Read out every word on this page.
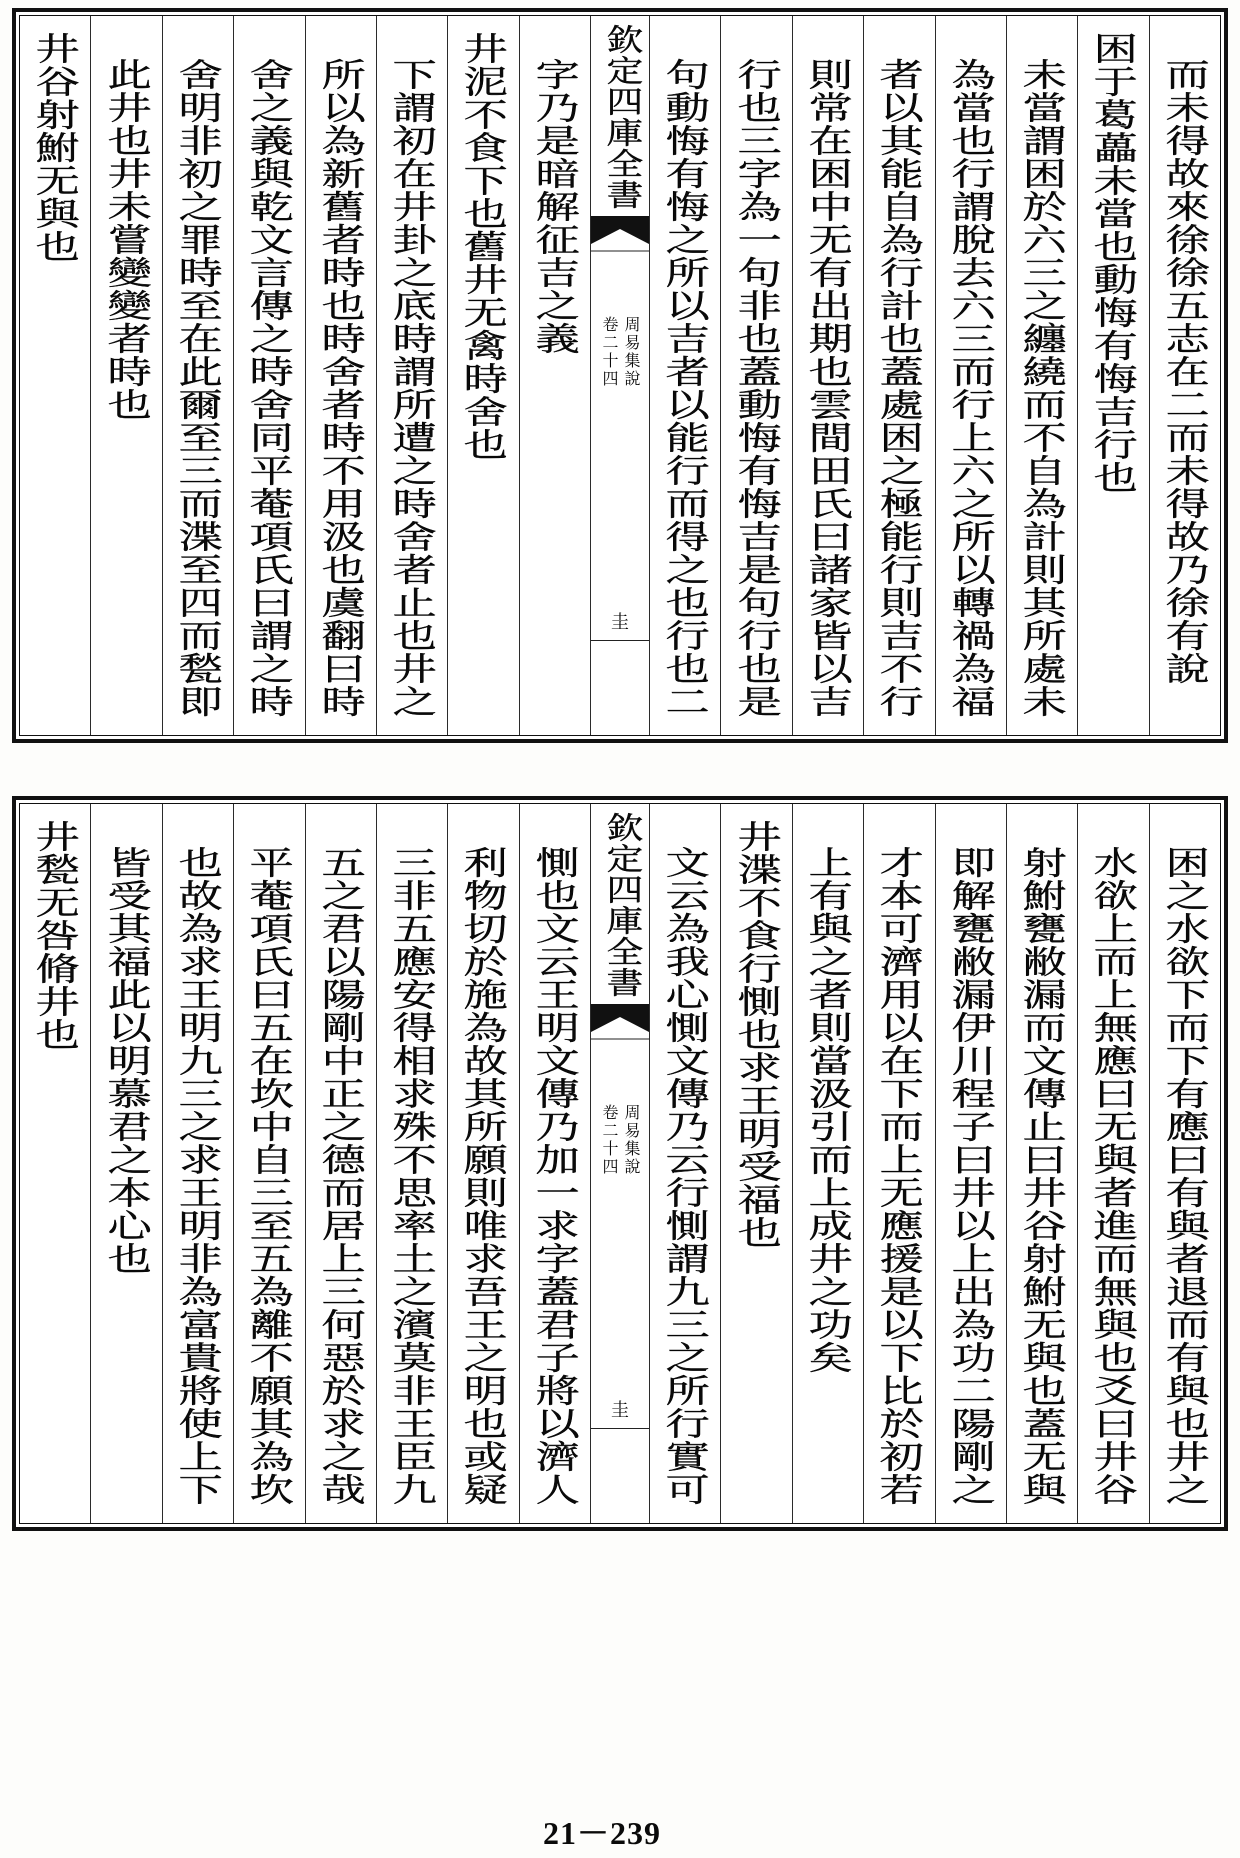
而未得故來徐徐五志在二而未得故乃徐有說
困于葛藟未當也動悔有悔吉行也
未當謂困於六三之纏繞而不自為計則其所處未
為當也行謂脫去六三而行上六之所以轉禍為福
者以其能自為行計也蓋處困之極能行則吉不行
則常在困中无有出期也雲間田氏曰諸家皆以吉
行也三字為一句非也蓋動悔有悔吉是句行也是
句動悔有悔之所以吉者以能行而得之也行也二
欽定四庫全書
周易集說
卷二十四
圭
字乃是暗解征吉之義
井泥不食下也舊井无禽時舍也
下謂初在井卦之底時謂所遭之時舍者止也井之
所以為新舊者時也時舍者時不用汲也虞翻曰時
舍之義與乾文言傳之時舍同平菴項氏曰謂之時
舍明非初之罪時至在此爾至三而渫至四而甃即
此井也井未嘗變變者時也
井谷射鮒无與也
困之水欲下而下有應曰有與者退而有與也井之
水欲上而上無應曰无與者進而無與也爻曰井谷
射鮒甕敝漏而文傳止曰井谷射鮒无與也蓋无與
即解甕敝漏伊川程子曰井以上出為功二陽剛之
才本可濟用以在下而上无應援是以下比於初若
上有與之者則當汲引而上成井之功矣
井渫不食行惻也求王明受福也
文云為我心惻文傳乃云行惻謂九三之所行實可
欽定四庫全書
周易集說
卷二十四
圭
惻也文云王明文傳乃加一求字蓋君子將以濟人
利物切於施為故其所願則唯求吾王之明也或疑
三非五應安得相求殊不思率土之濱莫非王臣九
五之君以陽剛中正之德而居上三何惡於求之哉
平菴項氏曰五在坎中自三至五為離不願其為坎
也故為求王明九三之求王明非為富貴將使上下
皆受其福此以明慕君之本心也
井甃无咎脩井也
21－239
